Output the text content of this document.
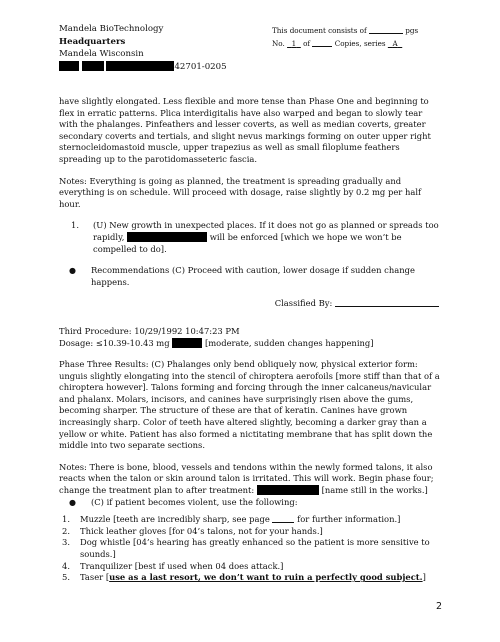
Mandela BioTechnology
Headquarters
Mandela Wisconsin
42701-0205
This document consists of	pgs
No. 1 of	Copies, series A

have slightly elongated. Less flexible and more tense than Phase One and beginning to flex in erratic patterns. Plica interdigitalis have also warped and began to slowly tear with the phalanges. Pinfeathers and lesser coverts, as well as median coverts, greater secondary coverts and tertials, and slight nevus markings forming on outer upper right sternocleidomastoid muscle, upper trapezius as well as small filoplume feathers spreading up to the parotidomasseteric fascia.

Notes: Everything is going as planned, the treatment is spreading gradually and everything is on schedule. Will proceed with dosage, raise slightly by 0.2 mg per half hour.

1. (U) New growth in unexpected places. If it does not go as planned or spreads too rapidly,	will be enforced [which we hope we won’t be compelled to do].
● Recommendations (C) Proceed with caution, lower dosage if sudden change happens.
Classified By:

Third Procedure: 10/29/1992 10:47:23 PM

Dosage: ≤10.39-10.43 mg	[moderate, sudden changes happening]

Phase Three Results: (C) Phalanges only bend obliquely now, physical exterior form: unguis slightly elongating into the stencil of chiroptera aerofoils [more stiff than that of a chiroptera however]. Talons forming and forcing through the inner calcaneus/navicular and phalanx. Molars, incisors, and canines have surprisingly risen above the gums, becoming sharper. The structure of these are that of keratin. Canines have grown increasingly sharp. Color of teeth have altered slightly, becoming a darker gray than a yellow or white. Patient has also formed a nictitating membrane that has split down the middle into two separate sections.

Notes: There is bone, blood, vessels and tendons within the newly formed talons, it also reacts when the talon or skin around talon is irritated. This will work. Begin phase four; change the treatment plan to after treatment:	[name still in the works.]

● (C) if patient becomes violent, use the following:
1. Muzzle [teeth are incredibly sharp, see page	for further information.]
2. Thick leather gloves [for 04’s talons, not for your hands.]
3. Dog whistle [04’s hearing has greatly enhanced so the patient is more sensitive to sounds.]
4. Tranquilizer [best if used when 04 does attack.]
5. Taser [use as a last resort, we don’t want to ruin a perfectly good subject.]
2
